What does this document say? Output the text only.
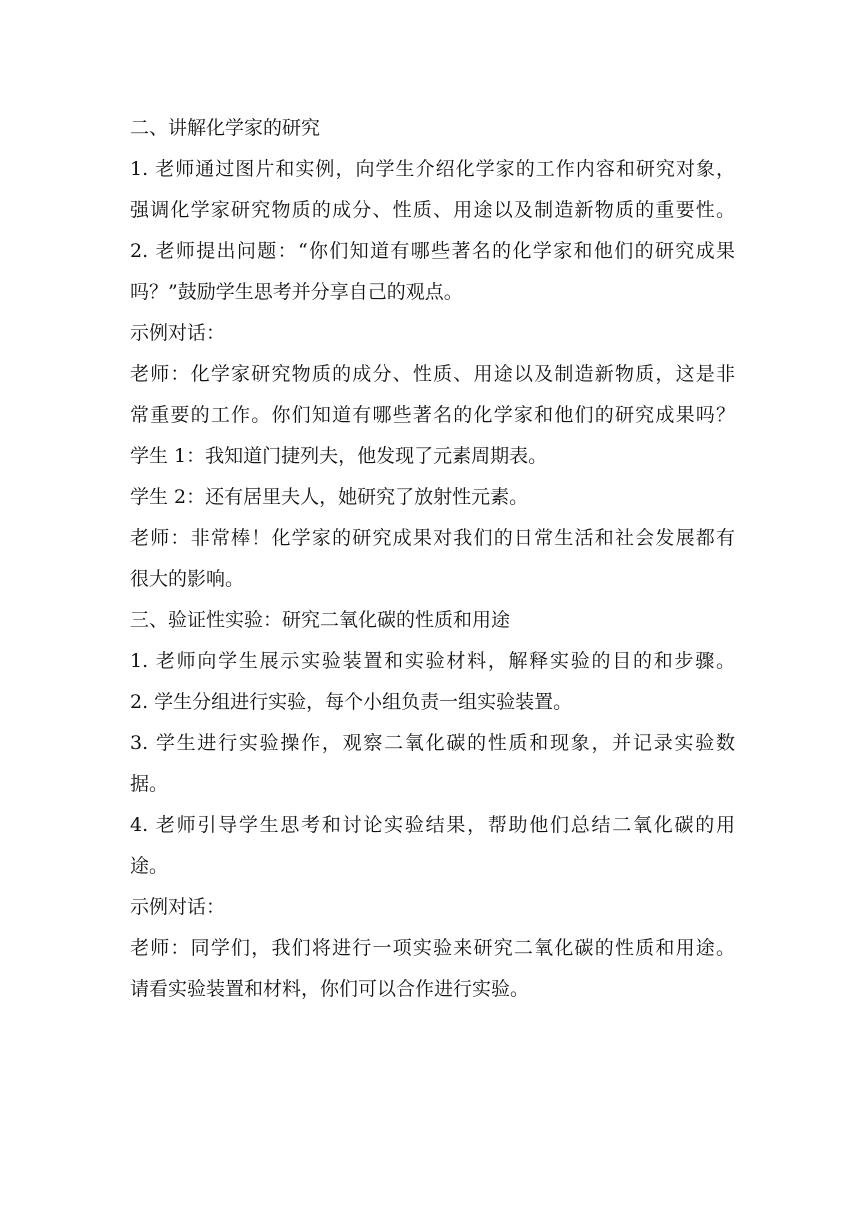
二、讲解化学家的研究
1. 老师通过图片和实例，向学生介绍化学家的工作内容和研究对象，
强调化学家研究物质的成分、性质、用途以及制造新物质的重要性。
2. 老师提出问题：“你们知道有哪些著名的化学家和他们的研究成果
吗？”鼓励学生思考并分享自己的观点。
示例对话：
老师：化学家研究物质的成分、性质、用途以及制造新物质，这是非
常重要的工作。你们知道有哪些著名的化学家和他们的研究成果吗？
学生 1：我知道门捷列夫，他发现了元素周期表。
学生 2：还有居里夫人，她研究了放射性元素。
老师：非常棒！化学家的研究成果对我们的日常生活和社会发展都有
很大的影响。
三、验证性实验：研究二氧化碳的性质和用途
1. 老师向学生展示实验装置和实验材料，解释实验的目的和步骤。
2. 学生分组进行实验，每个小组负责一组实验装置。
3. 学生进行实验操作，观察二氧化碳的性质和现象，并记录实验数
据。
4. 老师引导学生思考和讨论实验结果，帮助他们总结二氧化碳的用
途。
示例对话：
老师：同学们，我们将进行一项实验来研究二氧化碳的性质和用途。
请看实验装置和材料，你们可以合作进行实验。
